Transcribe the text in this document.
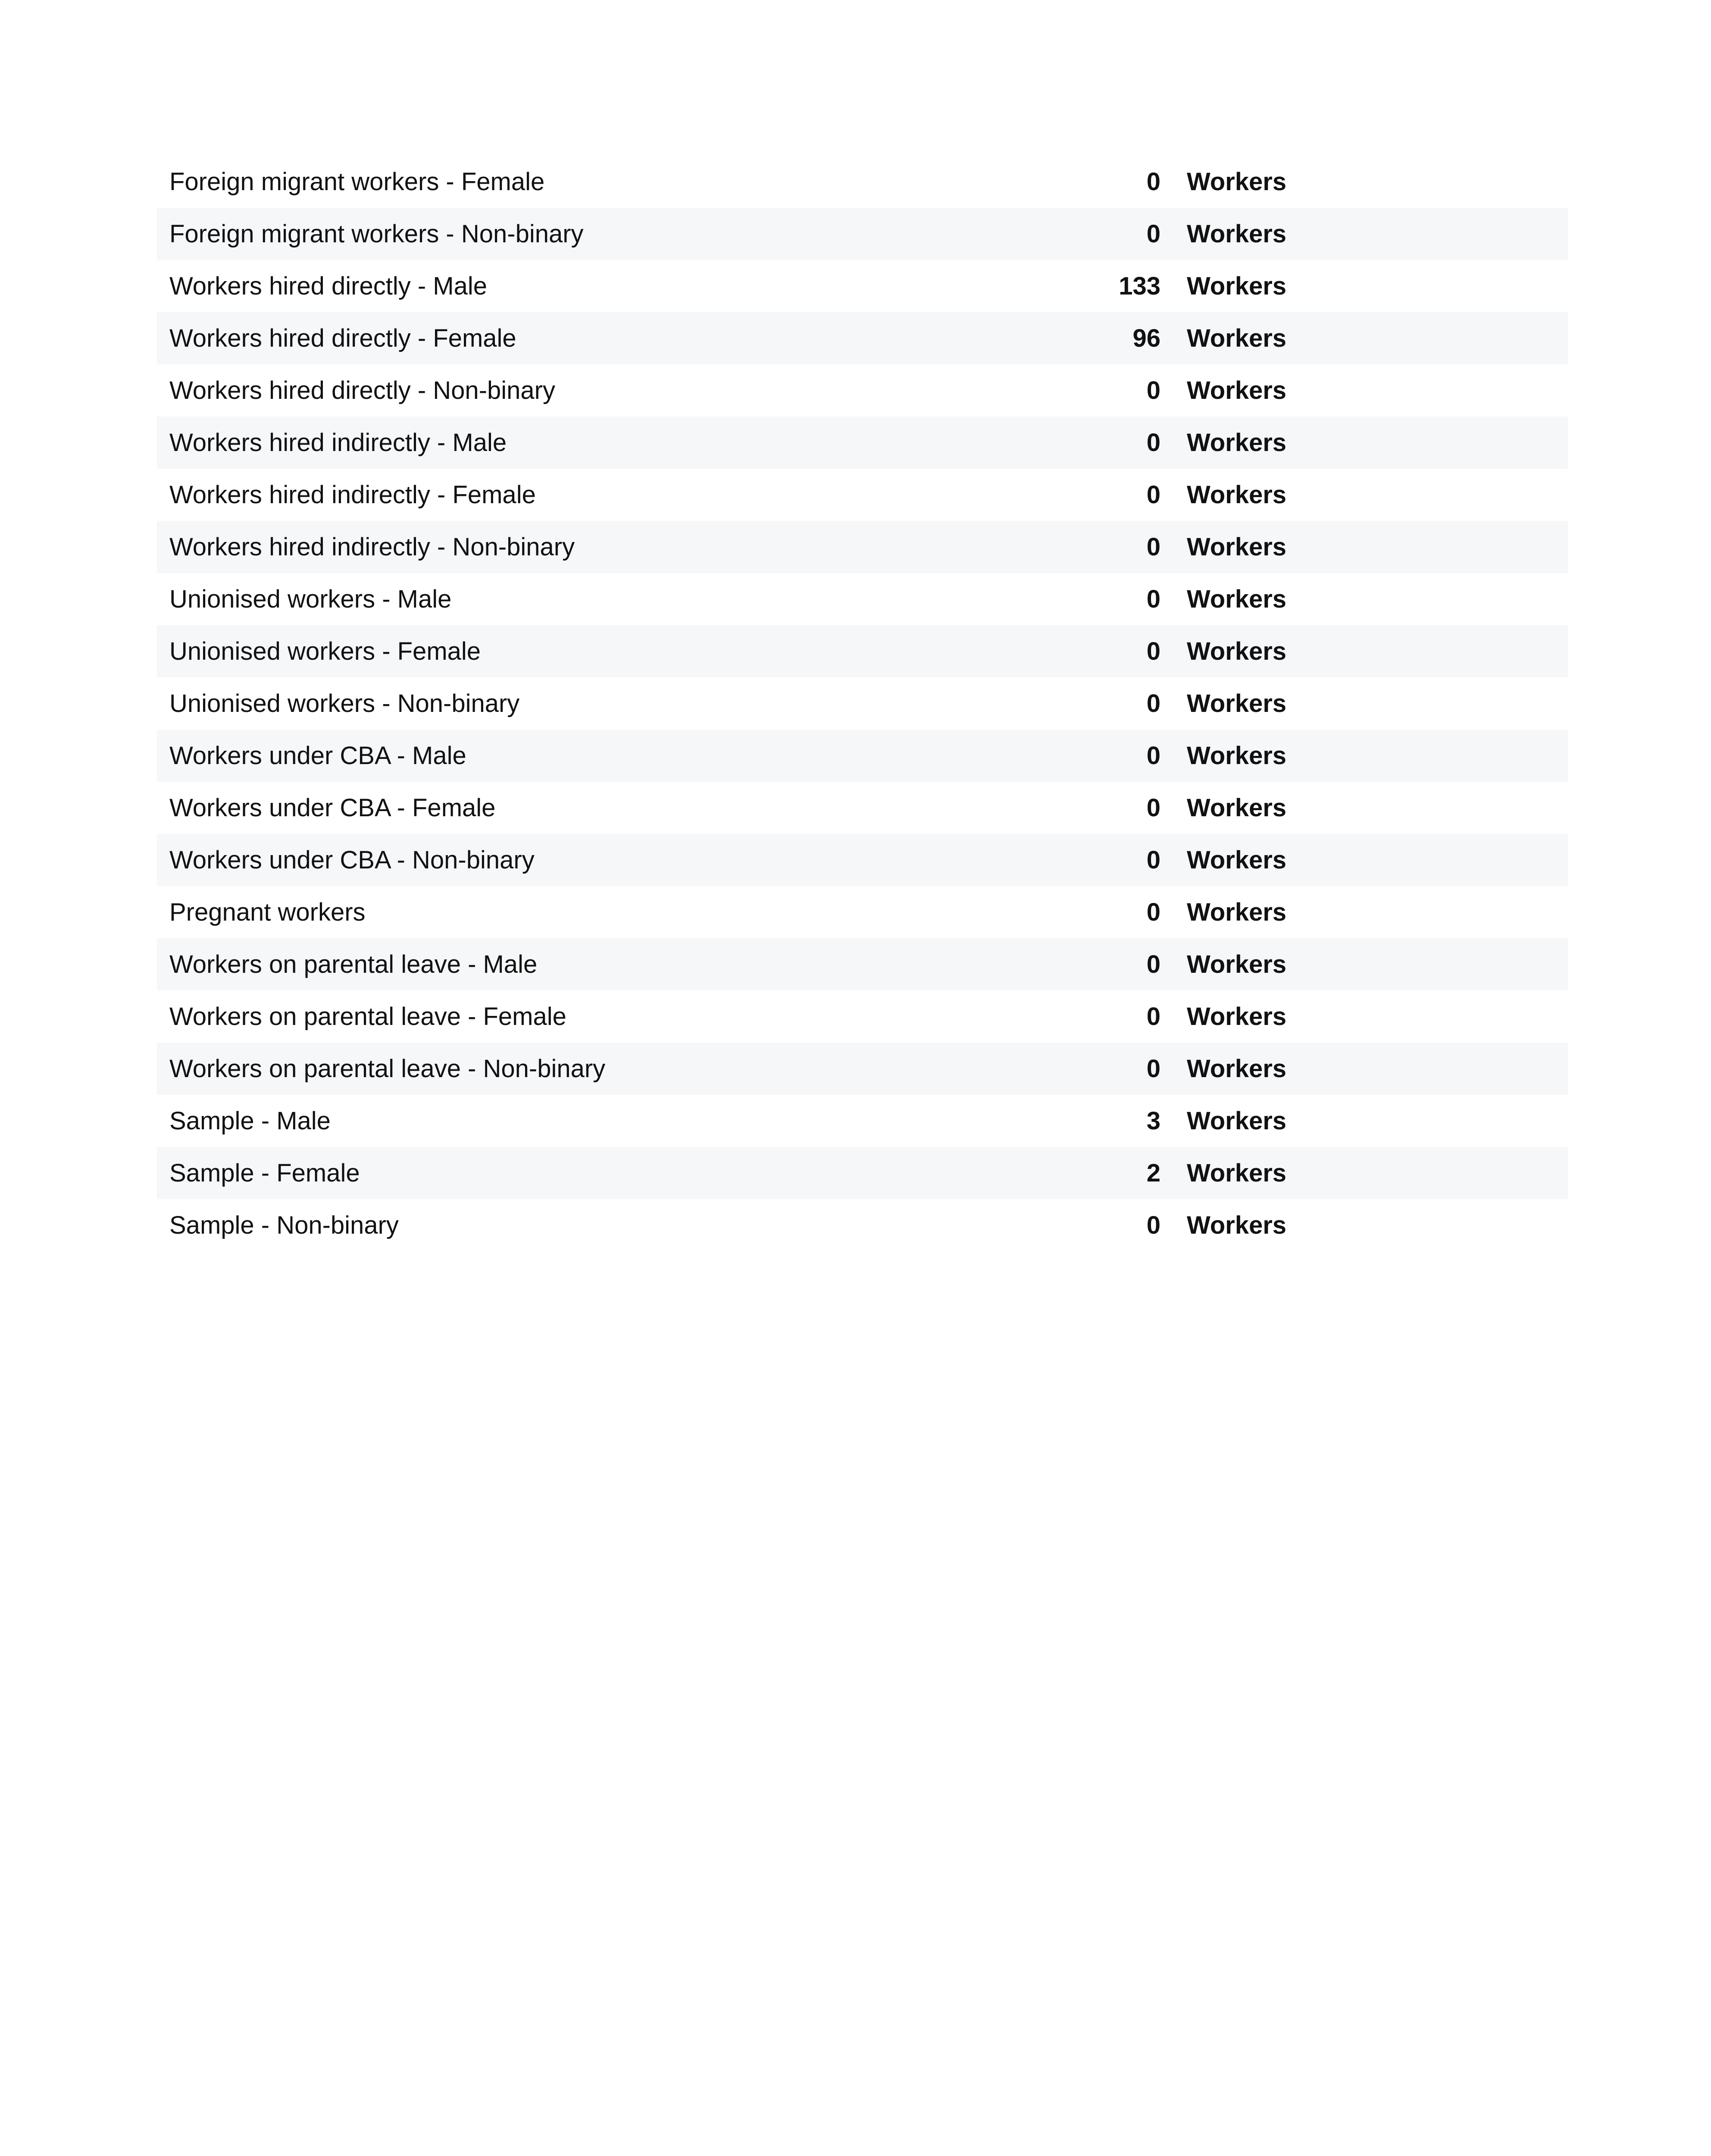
Foreign migrant workers - Female	0 Workers
Foreign migrant workers - Non-binary	0 Workers
Workers hired directly - Male	133 Workers
Workers hired directly - Female	96 Workers
Workers hired directly - Non-binary	0 Workers
Workers hired indirectly - Male	0 Workers
Workers hired indirectly - Female	0 Workers
Workers hired indirectly - Non-binary	0 Workers
Unionised workers - Male	0 Workers
Unionised workers - Female	0 Workers
Unionised workers - Non-binary	0 Workers
Workers under CBA - Male	0 Workers
Workers under CBA - Female	0 Workers
Workers under CBA - Non-binary	0 Workers
Pregnant workers	0 Workers
Workers on parental leave - Male	0 Workers
Workers on parental leave - Female	0 Workers
Workers on parental leave - Non-binary	0 Workers
Sample - Male	3 Workers
Sample - Female	2 Workers
Sample - Non-binary	0 Workers
